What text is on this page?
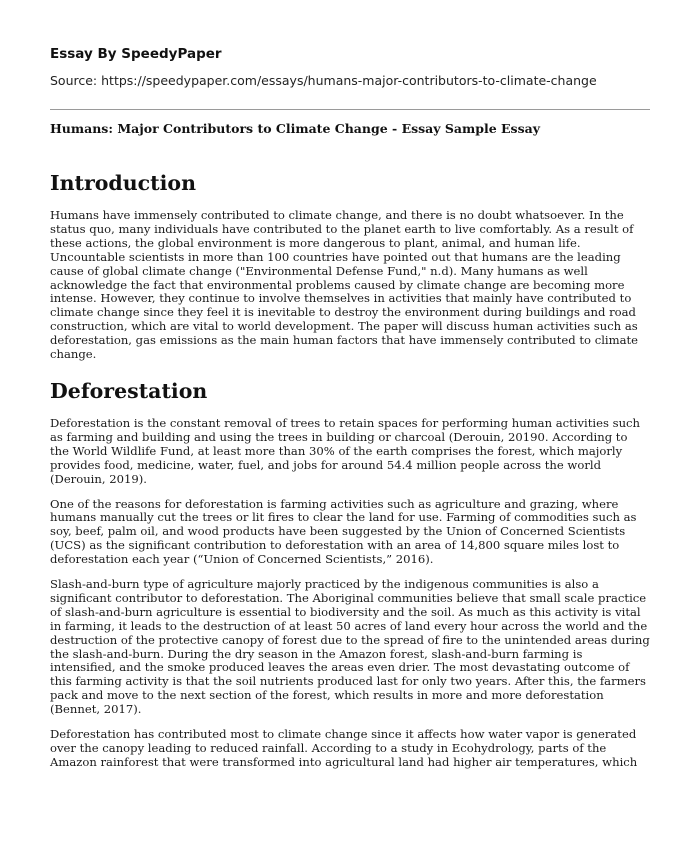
Essay By SpeedyPaper
Source: https://speedypaper.com/essays/humans-major-contributors-to-climate-change
Humans: Major Contributors to Climate Change - Essay Sample Essay
Introduction

Humans have immensely contributed to climate change, and there is no doubt whatsoever. In the status quo, many individuals have contributed to the planet earth to live comfortably. As a result of these actions, the global environment is more dangerous to plant, animal, and human life. Uncountable scientists in more than 100 countries have pointed out that humans are the leading cause of global climate change ("Environmental Defense Fund," n.d). Many humans as well acknowledge the fact that environmental problems caused by climate change are becoming more intense. However, they continue to involve themselves in activities that mainly have contributed to climate change since they feel it is inevitable to destroy the environment during buildings and road construction, which are vital to world development. The paper will discuss human activities such as deforestation, gas emissions as the main human factors that have immensely contributed to climate change.

Deforestation

Deforestation is the constant removal of trees to retain spaces for performing human activities such as farming and building and using the trees in building or charcoal (Derouin, 20190. According to the World Wildlife Fund, at least more than 30% of the earth comprises the forest, which majorly provides food, medicine, water, fuel, and jobs for around 54.4 million people across the world (Derouin, 2019).

One of the reasons for deforestation is farming activities such as agriculture and grazing, where humans manually cut the trees or lit fires to clear the land for use. Farming of commodities such as soy, beef, palm oil, and wood products have been suggested by the Union of Concerned Scientists (UCS) as the significant contribution to deforestation with an area of 14,800 square miles lost to deforestation each year (“Union of Concerned Scientists,” 2016).

Slash-and-burn type of agriculture majorly practiced by the indigenous communities is also a significant contributor to deforestation. The Aboriginal communities believe that small scale practice of slash-and-burn agriculture is essential to biodiversity and the soil. As much as this activity is vital in farming, it leads to the destruction of at least 50 acres of land every hour across the world and the destruction of the protective canopy of forest due to the spread of fire to the unintended areas during the slash-and-burn. During the dry season in the Amazon forest, slash-and-burn farming is intensified, and the smoke produced leaves the areas even drier. The most devastating outcome of this farming activity is that the soil nutrients produced last for only two years. After this, the farmers pack and move to the next section of the forest, which results in more and more deforestation (Bennet, 2017).

Deforestation has contributed most to climate change since it affects how water vapor is generated over the canopy leading to reduced rainfall. According to a study in Ecohydrology, parts of the Amazon rainforest that were transformed into agricultural land had higher air temperatures, which
